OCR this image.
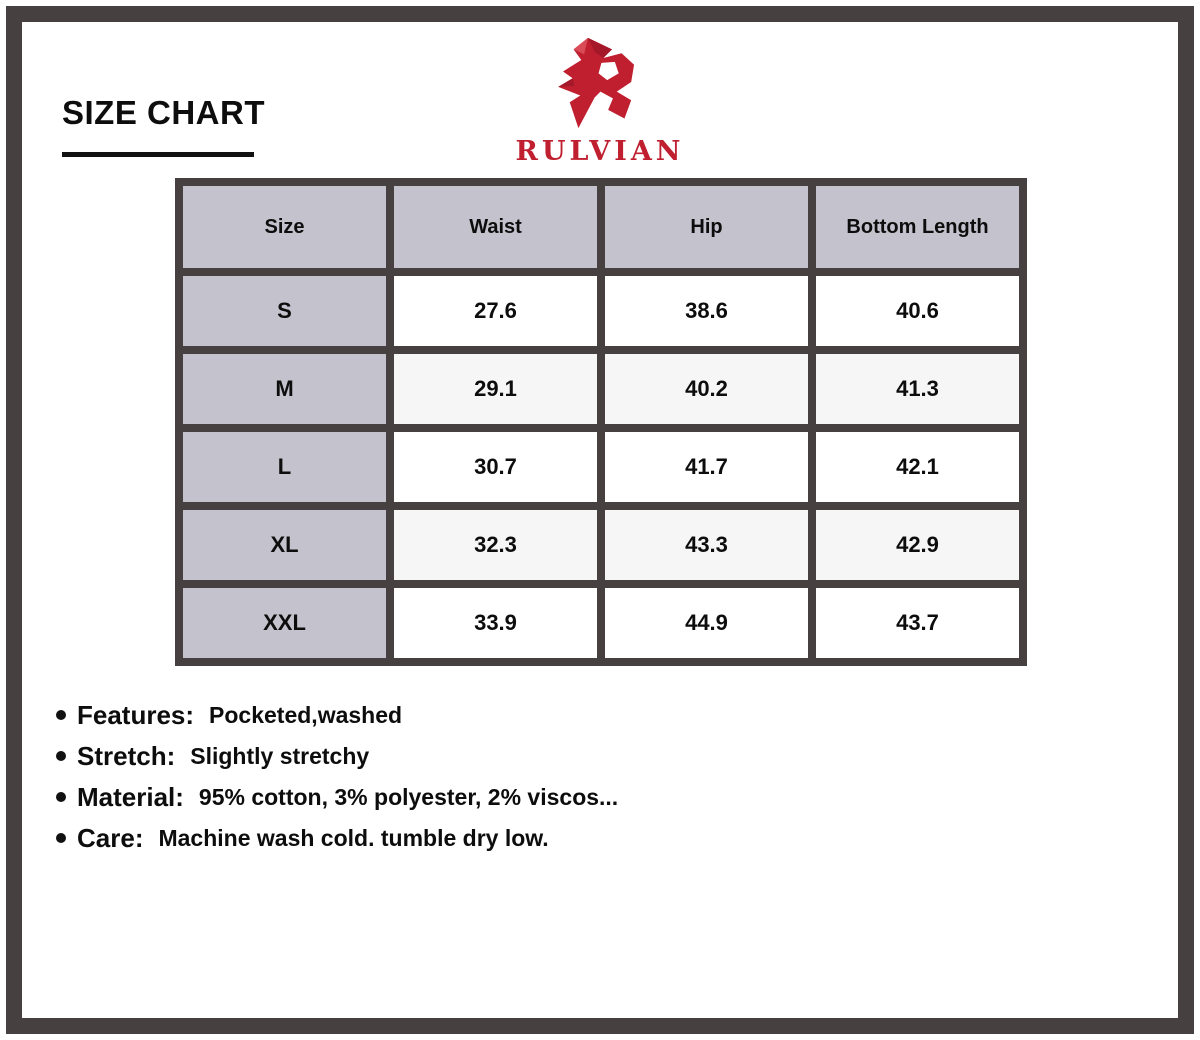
SIZE CHART
RULVIAN
Size	Waist	Hip	Bottom Length
S	27.6	38.6	40.6
M	29.1	40.2	41.3
L	30.7	41.7	42.1
XL	32.3	43.3	42.9
XXL	33.9	44.9	43.7
Features: Pocketed,washed
Stretch: Slightly stretchy
Material: 95% cotton, 3% polyester, 2% viscos...
Care: Machine wash cold. tumble dry low.
